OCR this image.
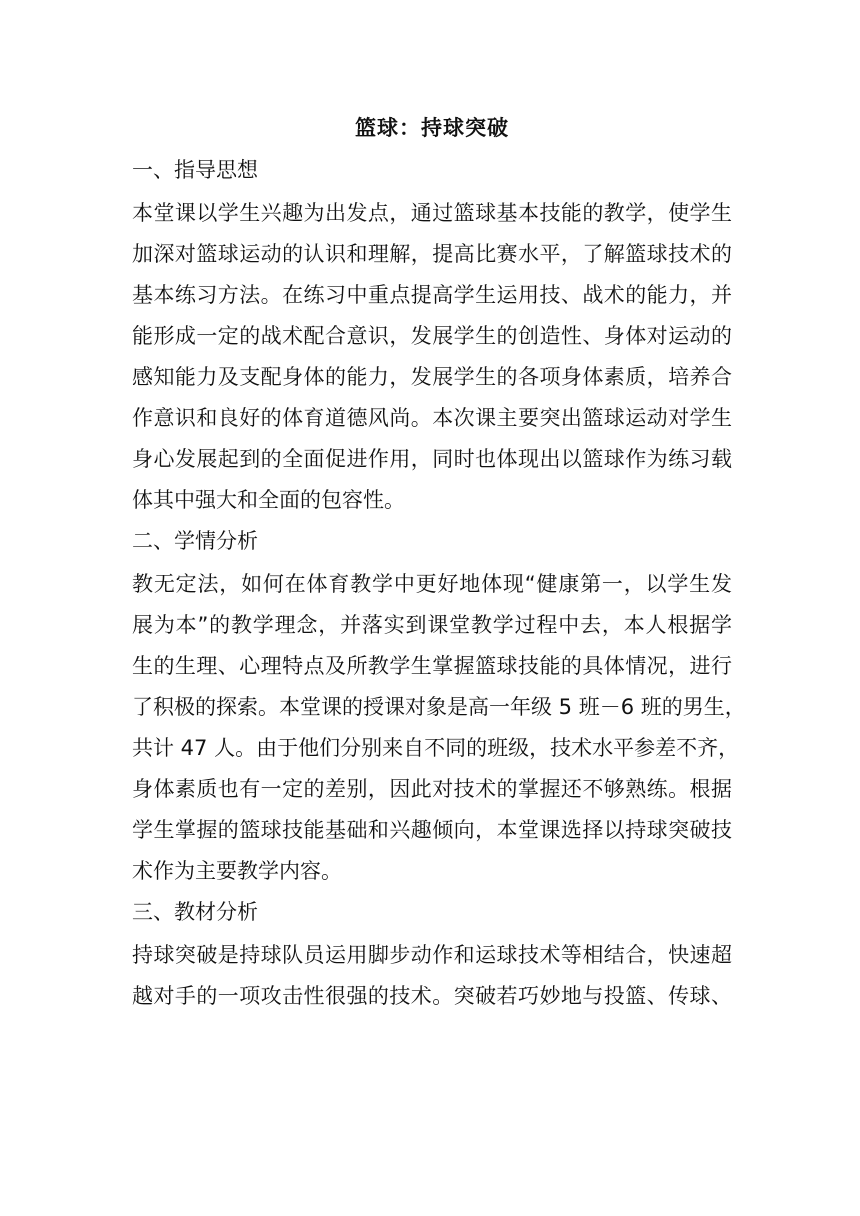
篮球：持球突破
一、指导思想
本堂课以学生兴趣为出发点，通过篮球基本技能的教学，使学生
加深对篮球运动的认识和理解，提高比赛水平，了解篮球技术的
基本练习方法。在练习中重点提高学生运用技、战术的能力，并
能形成一定的战术配合意识，发展学生的创造性、身体对运动的
感知能力及支配身体的能力，发展学生的各项身体素质，培养合
作意识和良好的体育道德风尚。本次课主要突出篮球运动对学生
身心发展起到的全面促进作用，同时也体现出以篮球作为练习载
体其中强大和全面的包容性。
二、学情分析
教无定法，如何在体育教学中更好地体现“健康第一，以学生发
展为本”的教学理念，并落实到课堂教学过程中去，本人根据学
生的生理、心理特点及所教学生掌握篮球技能的具体情况，进行
了积极的探索。本堂课的授课对象是高一年级 5 班－6 班的男生，
共计 47 人。由于他们分别来自不同的班级，技术水平参差不齐，
身体素质也有一定的差别，因此对技术的掌握还不够熟练。根据
学生掌握的篮球技能基础和兴趣倾向，本堂课选择以持球突破技
术作为主要教学内容。
三、教材分析
持球突破是持球队员运用脚步动作和运球技术等相结合，快速超
越对手的一项攻击性很强的技术。突破若巧妙地与投篮、传球、
